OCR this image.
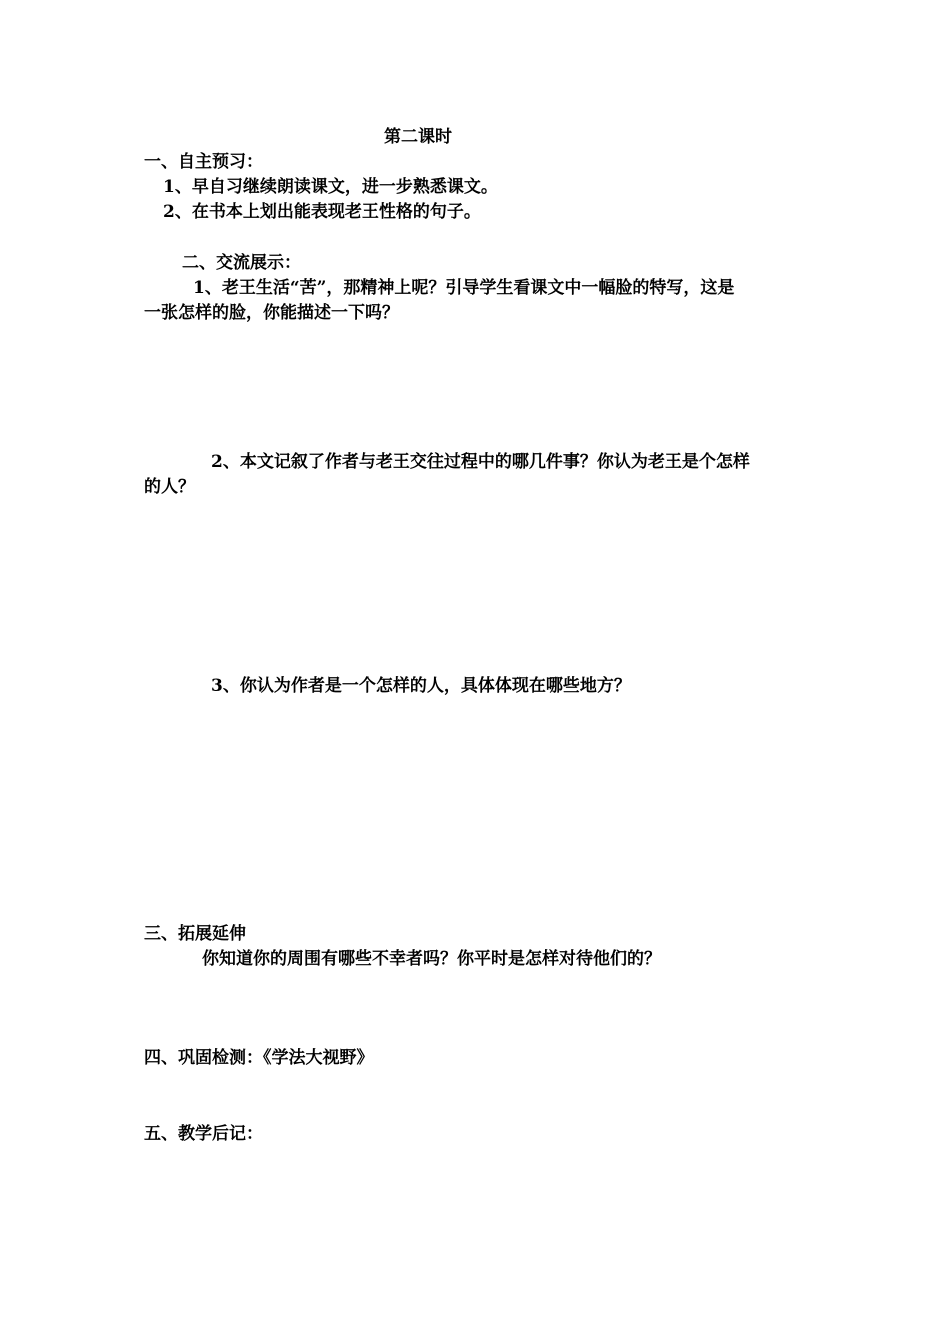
第二课时
一、自主预习：
1、早自习继续朗读课文，进一步熟悉课文。
2、在书本上划出能表现老王性格的句子。
二、交流展示：
1、老王生活“苦”，那精神上呢？引导学生看课文中一幅脸的特写，这是
一张怎样的脸，你能描述一下吗？
2、本文记叙了作者与老王交往过程中的哪几件事？你认为老王是个怎样
的人？
3、你认为作者是一个怎样的人，具体体现在哪些地方？
三、拓展延伸
你知道你的周围有哪些不幸者吗？你平时是怎样对待他们的？
四、巩固检测：《学法大视野》
五、教学后记：
